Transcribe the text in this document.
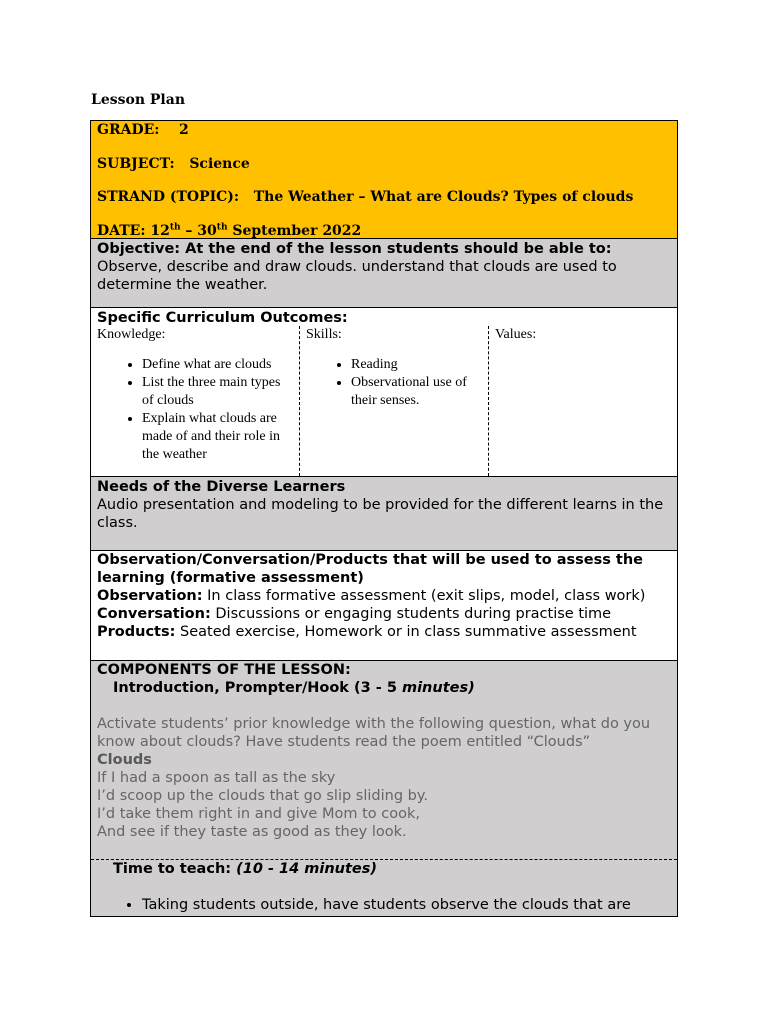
Lesson Plan
GRADE: 2
SUBJECT: Science
STRAND (TOPIC): The Weather – What are Clouds? Types of clouds
DATE: 12th – 30th September 2022
Objective: At the end of the lesson students should be able to:
Observe, describe and draw clouds. understand that clouds are used to determine the weather.
Specific Curriculum Outcomes:
Knowledge:
• Define what are clouds
• List the three main types of clouds
• Explain what clouds are made of and their role in the weather
Skills:
• Reading
• Observational use of their senses.
Values:
Needs of the Diverse Learners
Audio presentation and modeling to be provided for the different learns in the class.
Observation/Conversation/Products that will be used to assess the learning (formative assessment)
Observation: In class formative assessment (exit slips, model, class work)
Conversation: Discussions or engaging students during practise time
Products: Seated exercise, Homework or in class summative assessment
COMPONENTS OF THE LESSON:
Introduction, Prompter/Hook (3 - 5 minutes)
Activate students’ prior knowledge with the following question, what do you know about clouds? Have students read the poem entitled “Clouds”
Clouds
If I had a spoon as tall as the sky
I’d scoop up the clouds that go slip sliding by.
I’d take them right in and give Mom to cook,
And see if they taste as good as they look.
Time to teach: (10 - 14 minutes)
• Taking students outside, have students observe the clouds that are
